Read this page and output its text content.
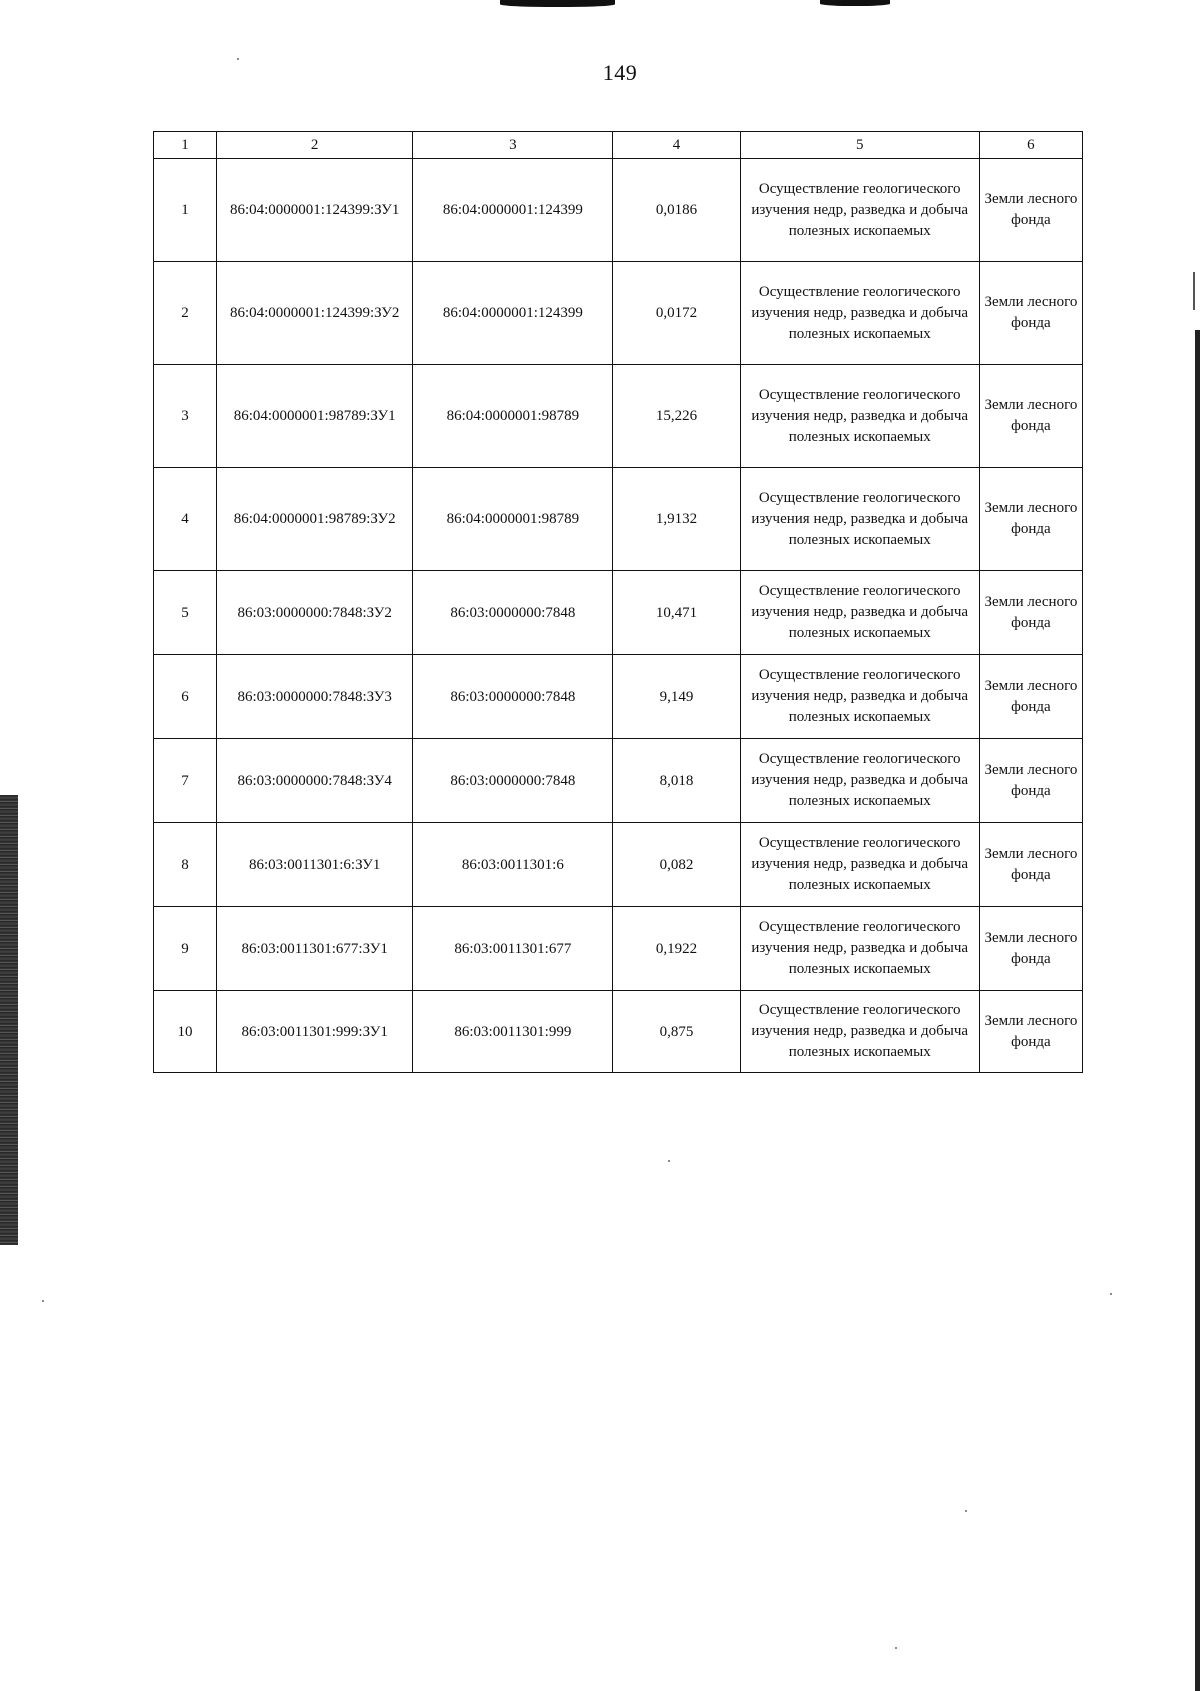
149
1	2	3	4	5	6
1	86:04:0000001:124399:ЗУ1	86:04:0000001:124399	0,0186	Осуществление геологического изучения недр, разведка и добыча полезных ископаемых	Земли лесного фонда
2	86:04:0000001:124399:ЗУ2	86:04:0000001:124399	0,0172	Осуществление геологического изучения недр, разведка и добыча полезных ископаемых	Земли лесного фонда
3	86:04:0000001:98789:ЗУ1	86:04:0000001:98789	15,226	Осуществление геологического изучения недр, разведка и добыча полезных ископаемых	Земли лесного фонда
4	86:04:0000001:98789:ЗУ2	86:04:0000001:98789	1,9132	Осуществление геологического изучения недр, разведка и добыча полезных ископаемых	Земли лесного фонда
5	86:03:0000000:7848:ЗУ2	86:03:0000000:7848	10,471	Осуществление геологического изучения недр, разведка и добыча полезных ископаемых	Земли лесного фонда
6	86:03:0000000:7848:ЗУ3	86:03:0000000:7848	9,149	Осуществление геологического изучения недр, разведка и добыча полезных ископаемых	Земли лесного фонда
7	86:03:0000000:7848:ЗУ4	86:03:0000000:7848	8,018	Осуществление геологического изучения недр, разведка и добыча полезных ископаемых	Земли лесного фонда
8	86:03:0011301:6:ЗУ1	86:03:0011301:6	0,082	Осуществление геологического изучения недр, разведка и добыча полезных ископаемых	Земли лесного фонда
9	86:03:0011301:677:ЗУ1	86:03:0011301:677	0,1922	Осуществление геологического изучения недр, разведка и добыча полезных ископаемых	Земли лесного фонда
10	86:03:0011301:999:ЗУ1	86:03:0011301:999	0,875	Осуществление геологического изучения недр, разведка и добыча полезных ископаемых	Земли лесного фонда
